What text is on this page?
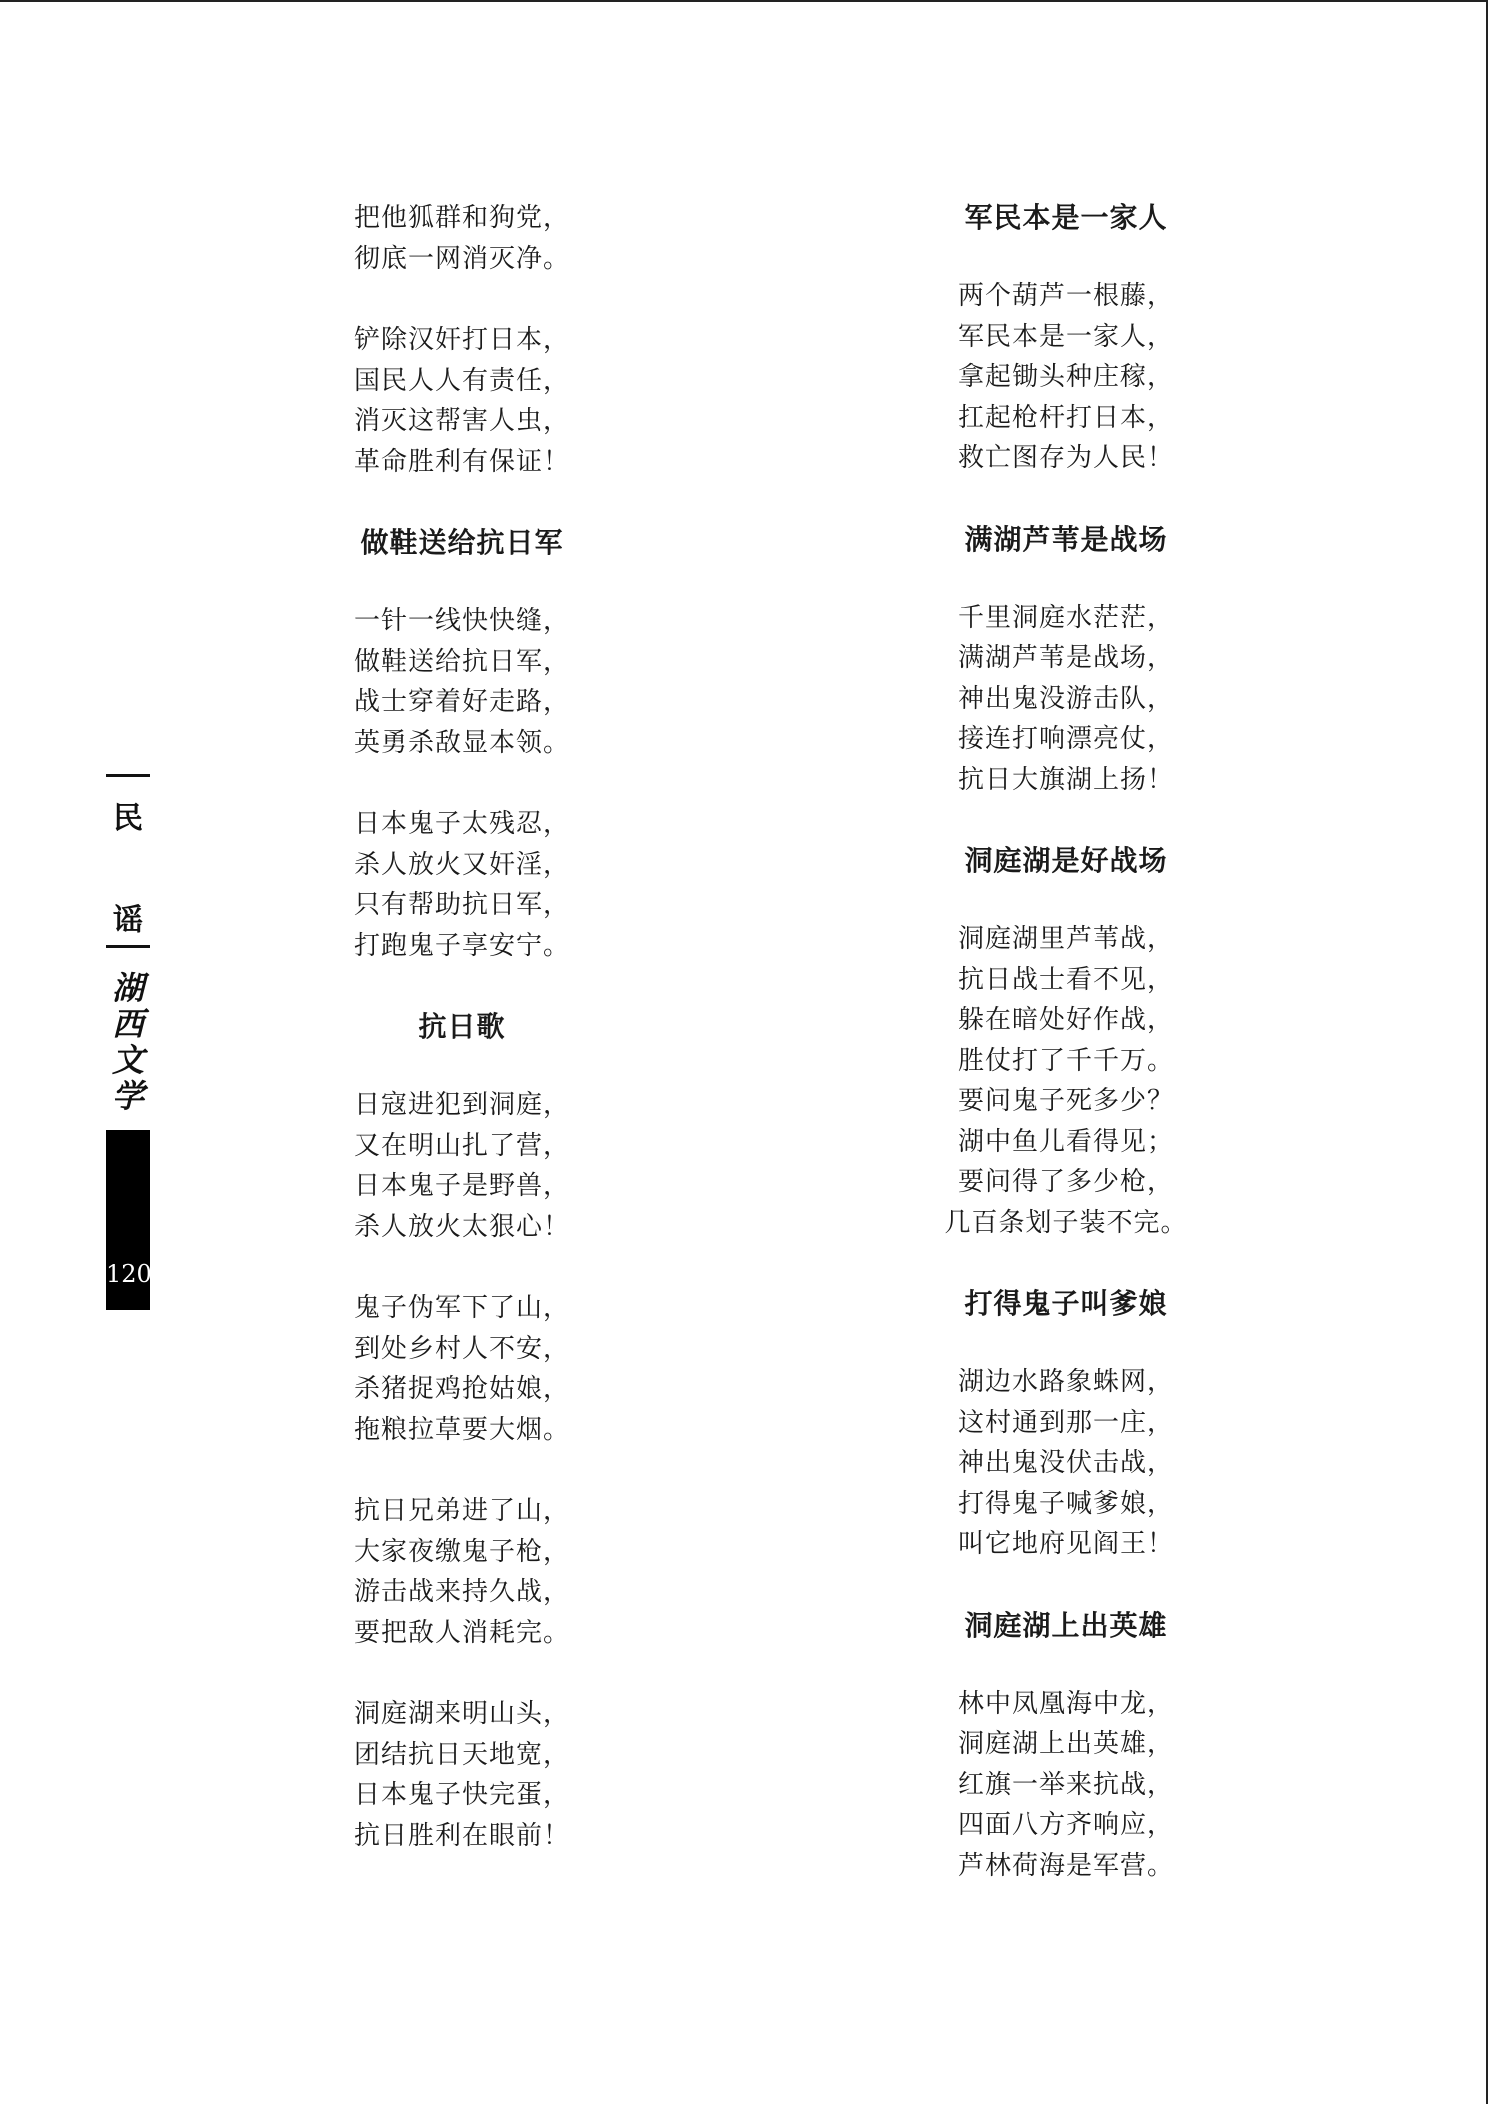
民
谣
湖
西
文
学
120
把他狐群和狗党，
彻底一网消灭净。
铲除汉奸打日本，
国民人人有责任，
消灭这帮害人虫，
革命胜利有保证！
做鞋送给抗日军
一针一线快快缝，
做鞋送给抗日军，
战士穿着好走路，
英勇杀敌显本领。
日本鬼子太残忍，
杀人放火又奸淫，
只有帮助抗日军，
打跑鬼子享安宁。
抗日歌
日寇进犯到洞庭，
又在明山扎了营，
日本鬼子是野兽，
杀人放火太狠心！
鬼子伪军下了山，
到处乡村人不安，
杀猪捉鸡抢姑娘，
拖粮拉草要大烟。
抗日兄弟进了山，
大家夜缴鬼子枪，
游击战来持久战，
要把敌人消耗完。
洞庭湖来明山头，
团结抗日天地宽，
日本鬼子快完蛋，
抗日胜利在眼前！
军民本是一家人
两个葫芦一根藤，
军民本是一家人，
拿起锄头种庄稼，
扛起枪杆打日本，
救亡图存为人民！
满湖芦苇是战场
千里洞庭水茫茫，
满湖芦苇是战场，
神出鬼没游击队，
接连打响漂亮仗，
抗日大旗湖上扬！
洞庭湖是好战场
洞庭湖里芦苇战，
抗日战士看不见，
躲在暗处好作战，
胜仗打了千千万。
要问鬼子死多少？
湖中鱼儿看得见；
要问得了多少枪，
几百条划子装不完。
打得鬼子叫爹娘
湖边水路象蛛网，
这村通到那一庄，
神出鬼没伏击战，
打得鬼子喊爹娘，
叫它地府见阎王！
洞庭湖上出英雄
林中凤凰海中龙，
洞庭湖上出英雄，
红旗一举来抗战，
四面八方齐响应，
芦林荷海是军营。
